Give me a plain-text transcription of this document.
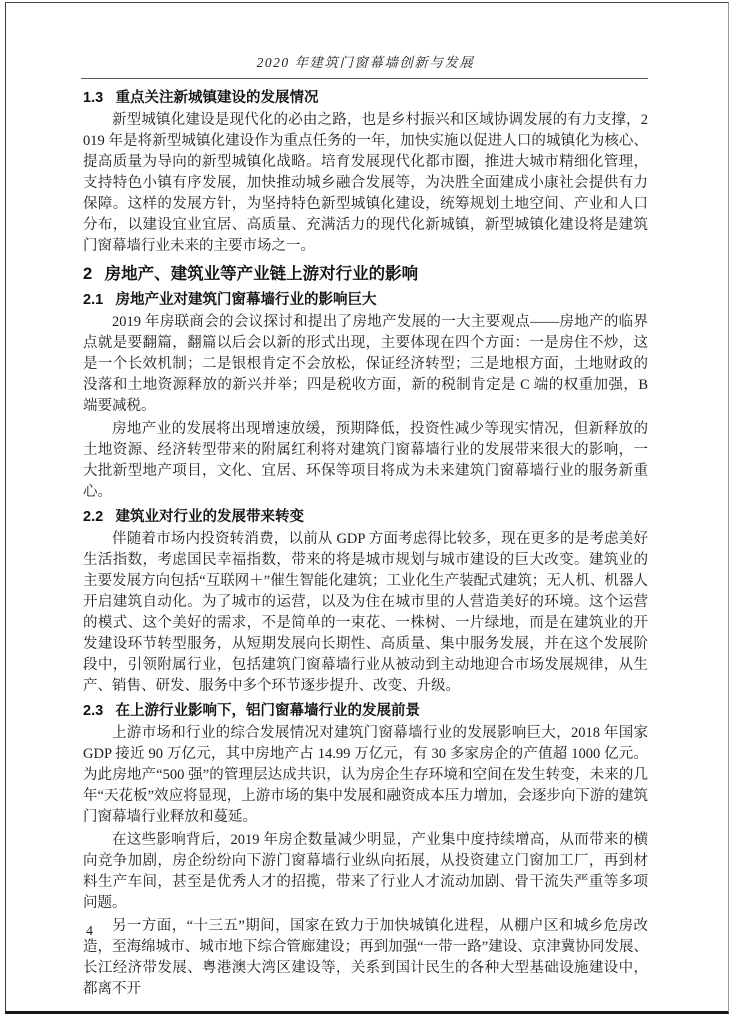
2020 年建筑门窗幕墙创新与发展
1.3 重点关注新城镇建设的发展情况

新型城镇化建设是现代化的必由之路，也是乡村振兴和区域协调发展的有力支撑，2019 年是将新型城镇化建设作为重点任务的一年，加快实施以促进人口的城镇化为核心、提高质量为导向的新型城镇化战略。培育发展现代化都市圈，推进大城市精细化管理，支持特色小镇有序发展，加快推动城乡融合发展等，为决胜全面建成小康社会提供有力保障。这样的发展方针，为坚持特色新型城镇化建设，统筹规划土地空间、产业和人口分布，以建设宜业宜居、高质量、充满活力的现代化新城镇，新型城镇化建设将是建筑门窗幕墙行业未来的主要市场之一。

2 房地产、建筑业等产业链上游对行业的影响
2.1 房地产业对建筑门窗幕墙行业的影响巨大

2019 年房联商会的会议探讨和提出了房地产发展的一大主要观点——房地产的临界点就是要翻篇，翻篇以后会以新的形式出现，主要体现在四个方面：一是房住不炒，这是一个长效机制；二是银根肯定不会放松，保证经济转型；三是地根方面，土地财政的没落和土地资源释放的新兴并举；四是税收方面，新的税制肯定是 C 端的权重加强，B 端要减税。

房地产业的发展将出现增速放缓，预期降低，投资性减少等现实情况，但新释放的土地资源、经济转型带来的附属红利将对建筑门窗幕墙行业的发展带来很大的影响，一大批新型地产项目，文化、宜居、环保等项目将成为未来建筑门窗幕墙行业的服务新重心。

2.2 建筑业对行业的发展带来转变

伴随着市场内投资转消费，以前从 GDP 方面考虑得比较多，现在更多的是考虑美好生活指数，考虑国民幸福指数，带来的将是城市规划与城市建设的巨大改变。建筑业的主要发展方向包括“互联网＋”催生智能化建筑；工业化生产装配式建筑；无人机、机器人开启建筑自动化。为了城市的运营，以及为住在城市里的人营造美好的环境。这个运营的模式、这个美好的需求，不是简单的一束花、一株树、一片绿地，而是在建筑业的开发建设环节转型服务，从短期发展向长期性、高质量、集中服务发展，并在这个发展阶段中，引领附属行业，包括建筑门窗幕墙行业从被动到主动地迎合市场发展规律，从生产、销售、研发、服务中多个环节逐步提升、改变、升级。

2.3 在上游行业影响下，铝门窗幕墙行业的发展前景

上游市场和行业的综合发展情况对建筑门窗幕墙行业的发展影响巨大，2018 年国家 GDP 接近 90 万亿元，其中房地产占 14.99 万亿元，有 30 多家房企的产值超 1000 亿元。为此房地产“500 强”的管理层达成共识，认为房企生存环境和空间在发生转变，未来的几年“天花板”效应将显现，上游市场的集中发展和融资成本压力增加，会逐步向下游的建筑门窗幕墙行业释放和蔓延。

在这些影响背后，2019 年房企数量减少明显，产业集中度持续增高，从而带来的横向竞争加剧，房企纷纷向下游门窗幕墙行业纵向拓展，从投资建立门窗加工厂，再到材料生产车间，甚至是优秀人才的招揽，带来了行业人才流动加剧、骨干流失严重等多项问题。

另一方面，“十三五”期间，国家在致力于加快城镇化进程，从棚户区和城乡危房改造，至海绵城市、城市地下综合管廊建设；再到加强“一带一路”建设、京津冀协同发展、长江经济带发展、粤港澳大湾区建设等，关系到国计民生的各种大型基础设施建设中，都离不开

4
